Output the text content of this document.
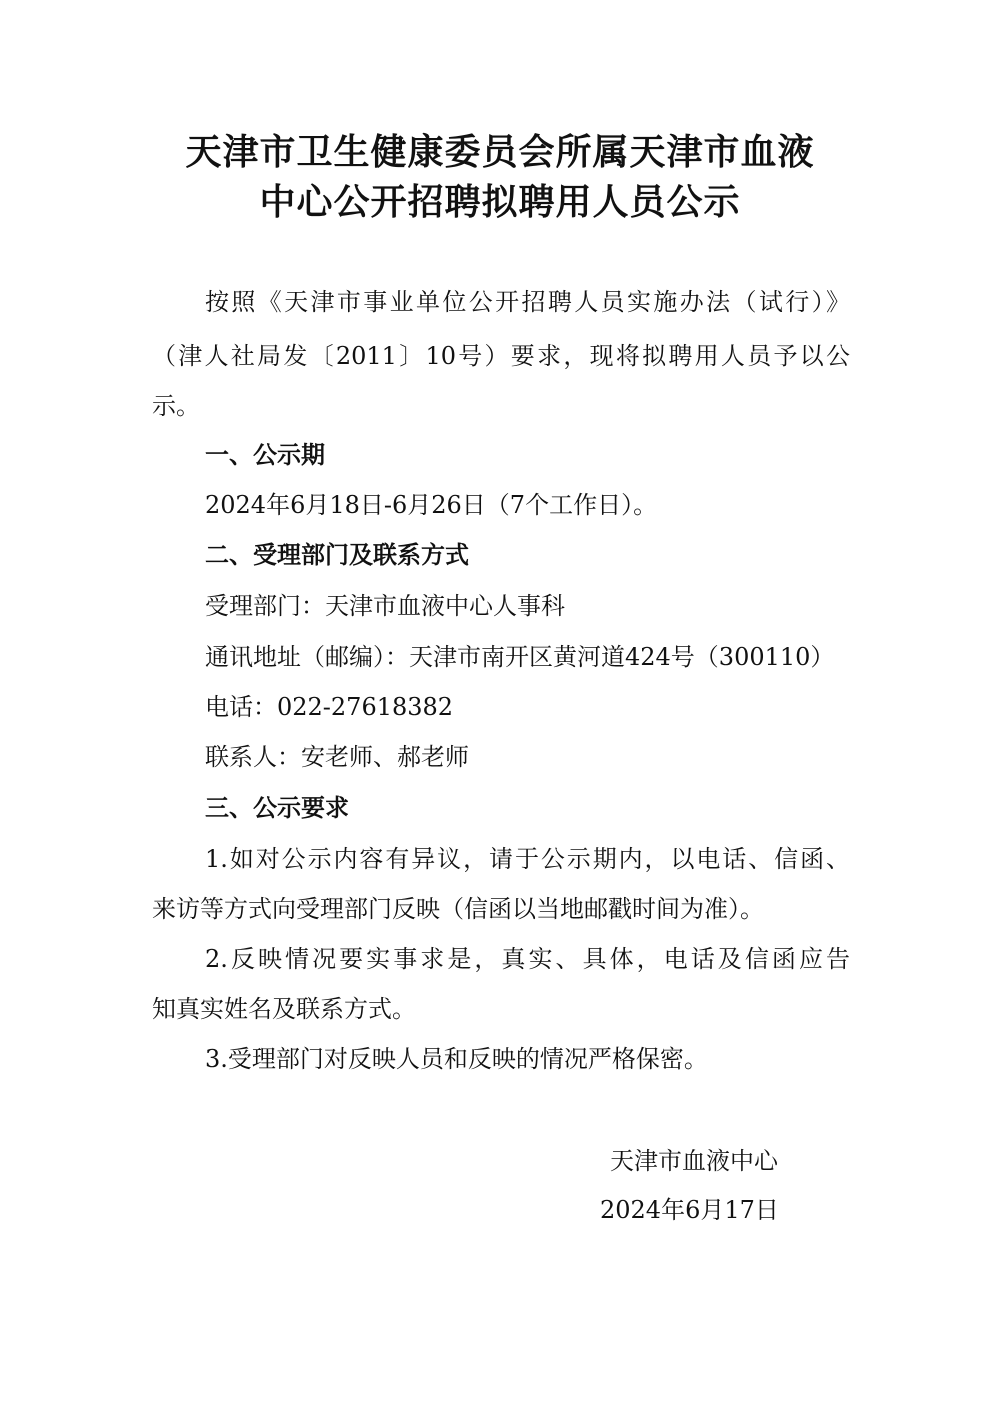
天津市卫生健康委员会所属天津市血液
中心公开招聘拟聘用人员公示
按照《天津市事业单位公开招聘人员实施办法（试行）》
（津人社局发〔2011〕10号）要求，现将拟聘用人员予以公
示。
一、公示期
2024年6月18日-6月26日（7个工作日）。
二、受理部门及联系方式
受理部门：天津市血液中心人事科
通讯地址（邮编）：天津市南开区黄河道424号（300110）
电话：022-27618382
联系人：安老师、郝老师
三、公示要求
1.如对公示内容有异议，请于公示期内，以电话、信函、
来访等方式向受理部门反映（信函以当地邮戳时间为准）。
2.反映情况要实事求是，真实、具体，电话及信函应告
知真实姓名及联系方式。
3.受理部门对反映人员和反映的情况严格保密。
天津市血液中心
2024年6月17日
